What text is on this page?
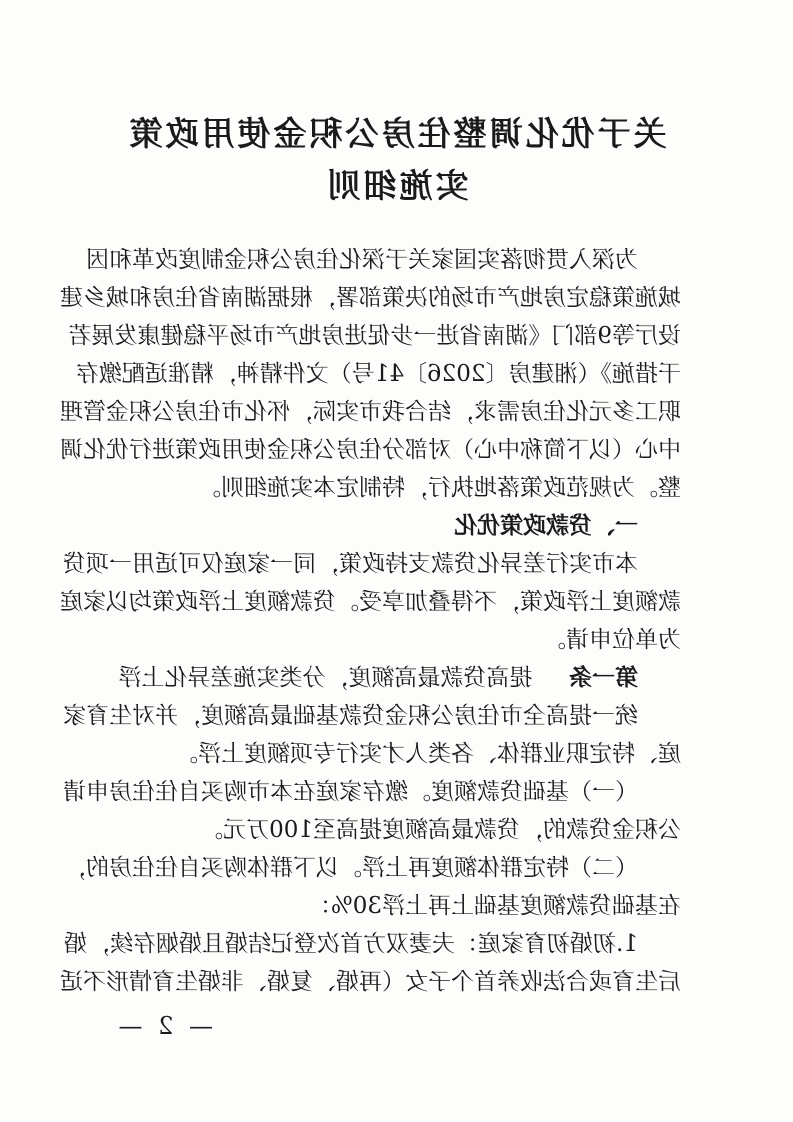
关于优化调整住房公积金使用政策
实施细则
为深入贯彻落实国家关于深化住房公积金制度改革和因
城施策稳定房地产市场的决策部署，根据湖南省住房和城乡建
设厅等9部门《湖南省进一步促进房地产市场平稳健康发展若
干措施》（湘建房〔2026〕41号）文件精神，精准适配缴存
职工多元化住房需求，结合我市实际，怀化市住房公积金管理
中心（以下简称中心）对部分住房公积金使用政策进行优化调
整。为规范政策落地执行，特制定本实施细则。
一、贷款政策优化
本市实行差异化贷款支持政策，同一家庭仅可适用一项贷
款额度上浮政策，不得叠加享受。贷款额度上浮政策均以家庭
为单位申请。
第一条  提高贷款最高额度，分类实施差异化上浮
统一提高全市住房公积金贷款基础最高额度，并对生育家
庭、特定职业群体、各类人才实行专项额度上浮。
（一）基础贷款额度。缴存家庭在本市购买自住住房申请
公积金贷款的，贷款最高额度提高至100万元。
（二）特定群体额度再上浮。以下群体购买自住住房的，
在基础贷款额度基础上再上浮30%：
1.初婚初育家庭：夫妻双方首次登记结婚且婚姻存续，婚
后生育或合法收养首个子女（再婚、复婚、非婚生育情形不适
— 2 —
